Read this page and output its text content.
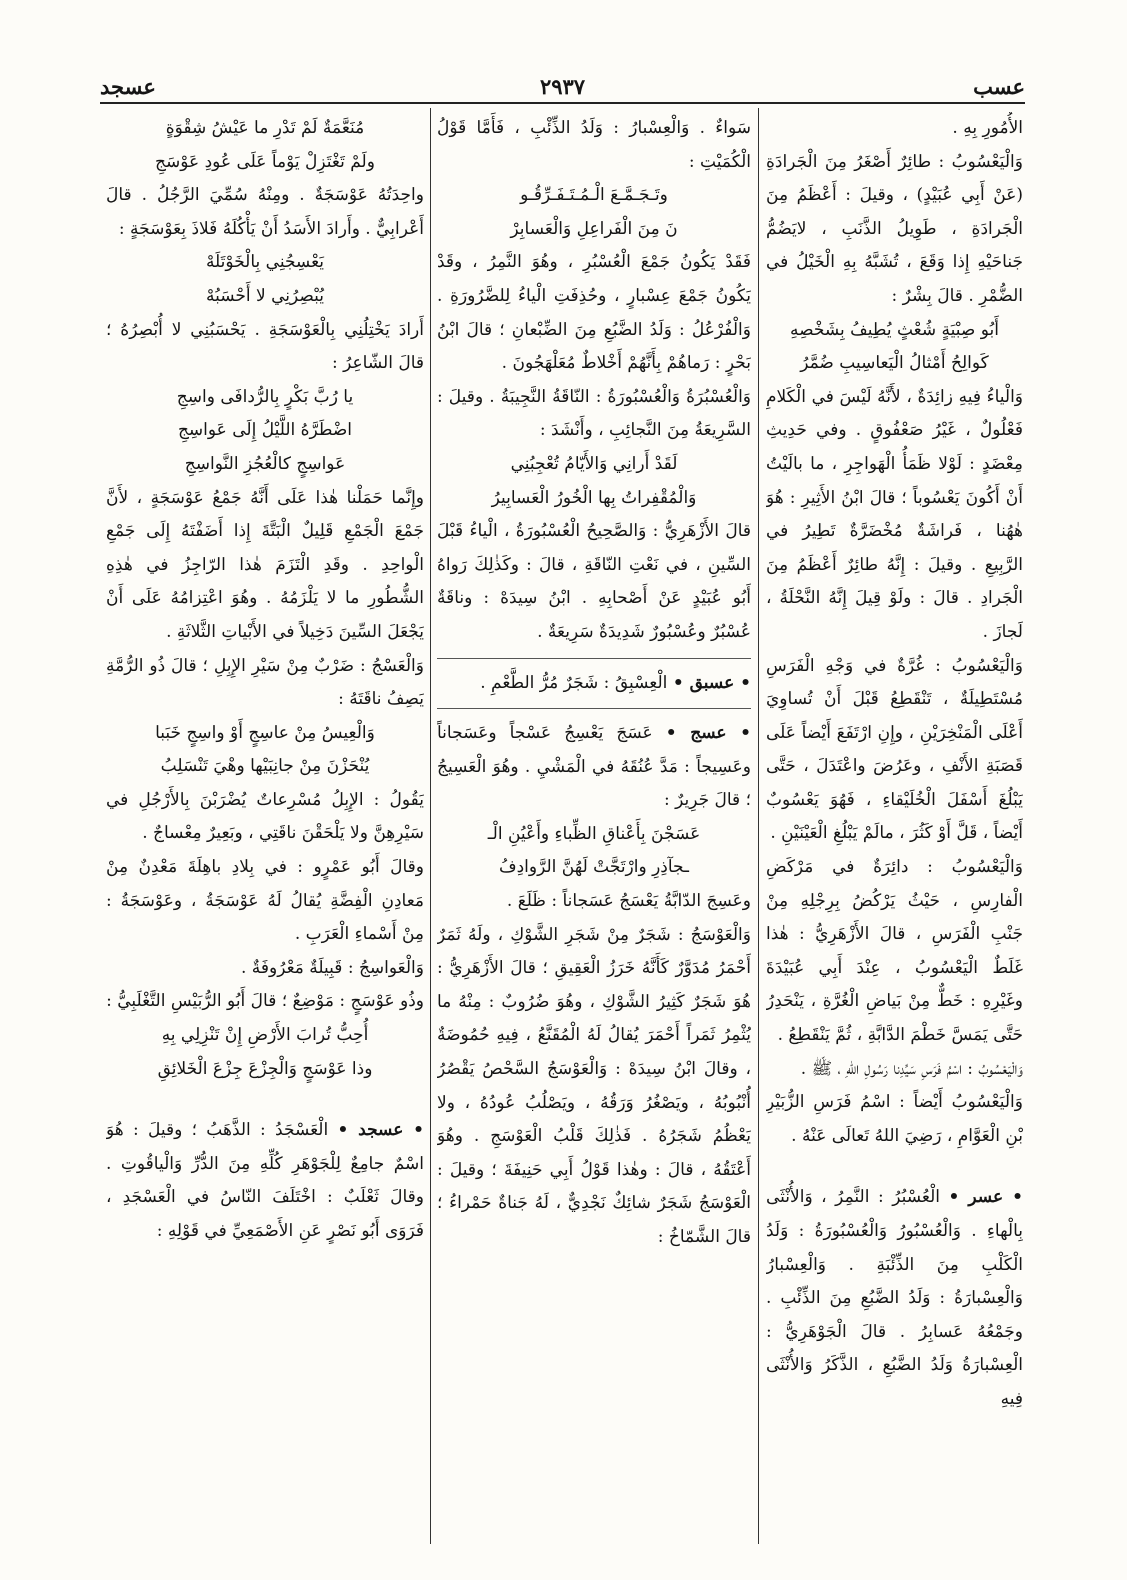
عسب
٢٩٣٧
عسجد

الأُمُورِ بِهِ .

وَالْيَعْسُوبُ : طائِرٌ أَصْغَرُ مِنَ الْجَرادَةِ (عَنْ أَبِي عُبَيْدٍ) ، وقيلَ : أَعْظَمُ مِنَ الْجَرادَةِ ، طَوِيلُ الذَّنَبِ ، لايَضُمُّ جَناحَيْهِ إِذا وَقَعَ ، تُشَبَّهُ بِهِ الْخَيْلُ في الضُّمْرِ . قالَ بِشْرٌ :

أَبُو صِبْيَةٍ شُعْثٍ يُطِيفُ بِشَخْصِهِ

كَوالِحُ أَمْثالُ الْيَعاسِيبِ ضُمَّرُ

وَالْياءُ فِيهِ زائِدَةٌ ، لأَنَّهُ لَيْسَ في الْكَلامِ فَعْلُولٌ ، غَيْرُ صَعْفُوقٍ . وفي حَدِيثِ مِعْضَدٍ : لَوْلا ظَمَأُ الْهَواجِرِ ، ما بالَيْتُ أَنْ أَكُونَ يَعْسُوباً ؛ قالَ ابْنُ الأَثِيرِ : هُوَ هٰهُنا ، فَراشَةٌ مُخْضَرَّةٌ تَطِيرُ في الرَّبِيعِ . وقيلَ : إِنَّهُ طائِرٌ أَعْظَمُ مِنَ الْجَرادِ . قالَ : ولَوْ قِيلَ إِنَّهُ النَّحْلَةُ ، لَجازَ .

وَالْيَعْسُوبُ : غُرَّةٌ في وَجْهِ الْفَرَسِ مُسْتَطِيلَةٌ ، تَنْقَطِعُ قَبْلَ أَنْ تُساوِيَ أَعْلَى الْمَنْخِرَيْنِ ، وإِنِ ارْتَفَعَ أَيْضاً عَلَى قَصَبَةِ الأَنْفِ ، وعَرُضَ واعْتَدَلَ ، حَتَّى يَبْلُغَ أَسْفَلَ الْخُلَيْقاءِ ، فَهُوَ يَعْسُوبٌ أَيْضاً ، قَلَّ أَوْ كَثُرَ ، مالَمْ يَبْلُغِ الْعَيْنَيْنِ .

وَالْيَعْسُوبُ : دائِرَةٌ في مَرْكَضِ الْفارِسِ ، حَيْثُ يَرْكُضُ بِرِجْلِهِ مِنْ جَنْبِ الْفَرَسِ ، قالَ الأَزْهَرِيُّ : هٰذا غَلَطٌ الْيَعْسُوبُ ، عِنْدَ أَبِي عُبَيْدَةَ وغَيْرِهِ : خَطٌّ مِنْ بَياضِ الْغُرَّةِ ، يَنْحَدِرُ حَتَّى يَمَسَّ خَطْمَ الدَّابَّةِ ، ثُمَّ يَنْقَطِعُ .

وَالْيَعْسُوبُ : اسْمُ فَرَسِ سَيِّدِنا رَسُولِ اللهِ ، ﷺ .

وَالْيَعْسُوبُ أَيْضاً : اسْمُ فَرَسِ الزُّبَيْرِ بْنِ الْعَوَّامِ ، رَضِيَ اللهُ تَعالَى عَنْهُ .

• عسر • الْعُسْبُرُ : النَّمِرُ ، وَالأُنْثَى بِالْهاءِ . وَالْعُسْبُورُ وَالْعُسْبُورَةُ : وَلَدُ الْكَلْبِ مِنَ الذِّئْبَةِ . وَالْعِسْبارُ وَالْعِسْبارَةُ : وَلَدُ الضَّبُعِ مِنَ الذِّئْبِ . وجَمْعُهُ عَسابِرُ . قالَ الْجَوْهَرِيُّ : الْعِسْبارَةُ وَلَدُ الضَّبُعِ ، الذَّكَرُ وَالأُنْثَى فِيهِ

سَواءٌ . وَالْعِسْبارُ : وَلَدُ الذِّئْبِ ، فَأَمَّا قَوْلُ الْكُمَيْتِ :

وتَـجَـمَّـعَ الْـمُـتَـفَـرِّقُـو

نَ مِنَ الْفَراعِلِ وَالْعَسابِرْ

فَقَدْ يَكُونُ جَمْعَ الْعُسْبُرِ ، وهُوَ النَّمِرُ ، وقَدْ يَكُونُ جَمْعَ عِسْبارٍ ، وحُذِفَتِ الْياءُ لِلضَّرُورَةِ . وَالْفُرْعُلُ : وَلَدُ الضَّبُعِ مِنَ الضِّبْعانِ ؛ قالَ ابْنُ بَحْرٍ : رَماهُمْ بِأَنَّهُمْ أَخْلاطٌ مُعَلْهَجُونَ .

وَالْعُسْبُرَةُ وَالْعُسْبُورَةُ : النّاقَةُ النَّجِيبَةُ . وقيلَ : السَّرِيعَةُ مِنَ النَّجائِبِ ، وأَنْشَدَ :

لَقَدْ أَرانِي وَالأَيّامُ تُعْجِبُنِي

وَالْمُقْفِراتُ بِها الْخُورُ الْعَسابِيرُ

قالَ الأَزْهَرِيُّ : وَالصَّحِيحُ الْعُسْبُورَةُ ، الْياءُ قَبْلَ السِّينِ ، في نَعْتِ النّاقَةِ ، قالَ : وكَذٰلِكَ رَواهُ أَبُو عُبَيْدٍ عَنْ أَصْحابِهِ . ابْنُ سِيدَهْ : وناقَةٌ عُسْبُرٌ وعُسْبُورٌ شَدِيدَةٌ سَرِيعَةٌ .

• عسبق • الْعِسْبِقُ : شَجَرٌ مُرُّ الطَّعْمِ .

• عسج • عَسَجَ يَعْسِجُ عَسْجاً وعَسَجاناً وعَسِيجاً : مَدَّ عُنُقَهُ في الْمَشْيِ . وهُوَ الْعَسِيجُ ؛ قالَ جَرِيرٌ :

عَسَجْنَ بِأَعْناقِ الظِّباءِ وأَعْيُنِ الْـ

ـجآذِرِ وارْتَجَّتْ لَهُنَّ الرَّوادِفُ

وعَسِجَ الدّابَّةُ يَعْسَجُ عَسَجاناً : ظَلَعَ .

وَالْعَوْسَجُ : شَجَرٌ مِنْ شَجَرِ الشَّوْكِ ، ولَهُ ثَمَرٌ أَحْمَرُ مُدَوَّرٌ كَأَنَّهُ خَرَزُ الْعَقِيقِ ؛ قالَ الأَزْهَرِيُّ : هُوَ شَجَرٌ كَثِيرُ الشَّوْكِ ، وهُوَ ضُرُوبٌ : مِنْهُ ما يُثْمِرُ ثَمَراً أَحْمَرَ يُقالُ لَهُ الْمُقَنَّعُ ، فِيهِ حُمُوضَةٌ ، وقالَ ابْنُ سِيدَهْ : وَالْعَوْسَجُ السَّحْصُ يَقْصُرُ أُنْبُوبُهُ ، ويَصْغُرُ وَرَقُهُ ، ويَصْلُبُ عُودُهُ ، ولا يَعْظُمُ شَجَرُهُ . فَذٰلِكَ قَلْبُ الْعَوْسَجِ . وهُوَ أَعْتَقُهُ ، قالَ : وهٰذا قَوْلُ أَبِي حَنِيفَةَ ؛ وقيلَ : الْعَوْسَجُ شَجَرٌ شائِكٌ نَجْدِيٌّ ، لَهُ جَناةٌ حَمْراءُ ؛ قالَ الشَّمّاخُ :

مُنَعَّمَةٌ لَمْ تَدْرِ ما عَيْشُ شِقْوَةٍ

ولَمْ تَغْتَزِلْ يَوْماً عَلَى عُودِ عَوْسَجِ

واحِدَتُهُ عَوْسَجَةٌ . ومِنْهُ سُمِّيَ الرَّجُلُ . قالَ أَعْرابِيٌّ . وأَرادَ الأَسَدُ أَنْ يَأْكُلَهُ فَلاذَ بِعَوْسَجَةٍ :

يَعْسِجُنِي بِالْخَوْتَلَهْ

يُبْصِرُنِي لا أَحْسَبُهْ

أَرادَ يَخْتِلُنِي بِالْعَوْسَجَةِ . يَحْسَبُنِي لا أُبْصِرُهُ ؛ قالَ الشّاعِرُ :

يا رُبَّ بَكْرٍ بِالرُّدافَى واسِجِ

اضْطَرَّهُ اللَّيْلُ إِلَى عَواسِجِ

عَواسِجٍ كالْعُجُزِ النَّواسِجِ

وإِنَّما حَمَلْنا هٰذا عَلَى أَنَّهُ جَمْعُ عَوْسَجَةٍ ، لأَنَّ جَمْعَ الْجَمْعِ قَلِيلٌ الْبَتَّةَ إِذا أَضَفْتَهُ إِلَى جَمْعِ الْواحِدِ . وقَدِ الْتَزَمَ هٰذا الرّاجِزُ في هٰذِهِ الشُّطُورِ ما لا يَلْزَمُهُ . وهُوَ اعْتِزامُهُ عَلَى أَنْ يَجْعَلَ السِّينَ دَخِيلاً في الأَبْياتِ الثَّلاثَةِ .

وَالْعَسْجُ : ضَرْبٌ مِنْ سَيْرِ الإِبِلِ ؛ قالَ ذُو الرُّمَّةِ يَصِفُ ناقَتَهُ :

وَالْعِيسُ مِنْ عاسِجٍ أَوْ واسِجٍ خَبَبا

يُنْحَزْنَ مِنْ جانِبَيْها وهْيَ تَنْسَلِبُ

يَقُولُ : الإِبِلُ مُسْرِعاتٌ يُضْرَبْنَ بِالأَرْجُلِ في سَيْرِهِنَّ ولا يَلْحَقْنَ ناقَتِي ، وبَعِيرٌ مِعْساجٌ .

وقالَ أَبُو عَمْرٍو : في بِلادِ باهِلَةَ مَعْدِنٌ مِنْ مَعادِنِ الْفِضَّةِ يُقالُ لَهُ عَوْسَجَةُ ، وعَوْسَجَةُ : مِنْ أَسْماءِ الْعَرَبِ .

وَالْعَواسِجُ : قَبِيلَةٌ مَعْرُوفَةٌ .

وذُو عَوْسَجٍ : مَوْضِعٌ ؛ قالَ أَبُو الرُّبَيْسِ التَّغْلَبِيُّ :

أُحِبُّ تُرابَ الأَرْضِ إِنْ تَنْزِلِي بِهِ

وذا عَوْسَجٍ وَالْجِزْعَ جِزْعَ الْخَلائِقِ

• عسجد • الْعَسْجَدُ : الذَّهَبُ ؛ وقيلَ : هُوَ اسْمٌ جامِعٌ لِلْجَوْهَرِ كُلِّهِ مِنَ الدُّرِّ وَالْياقُوتِ . وقالَ ثَعْلَبٌ : اخْتَلَفَ النّاسُ في الْعَسْجَدِ ، فَرَوَى أَبُو نَصْرٍ عَنِ الأَصْمَعِيِّ في قَوْلِهِ :
